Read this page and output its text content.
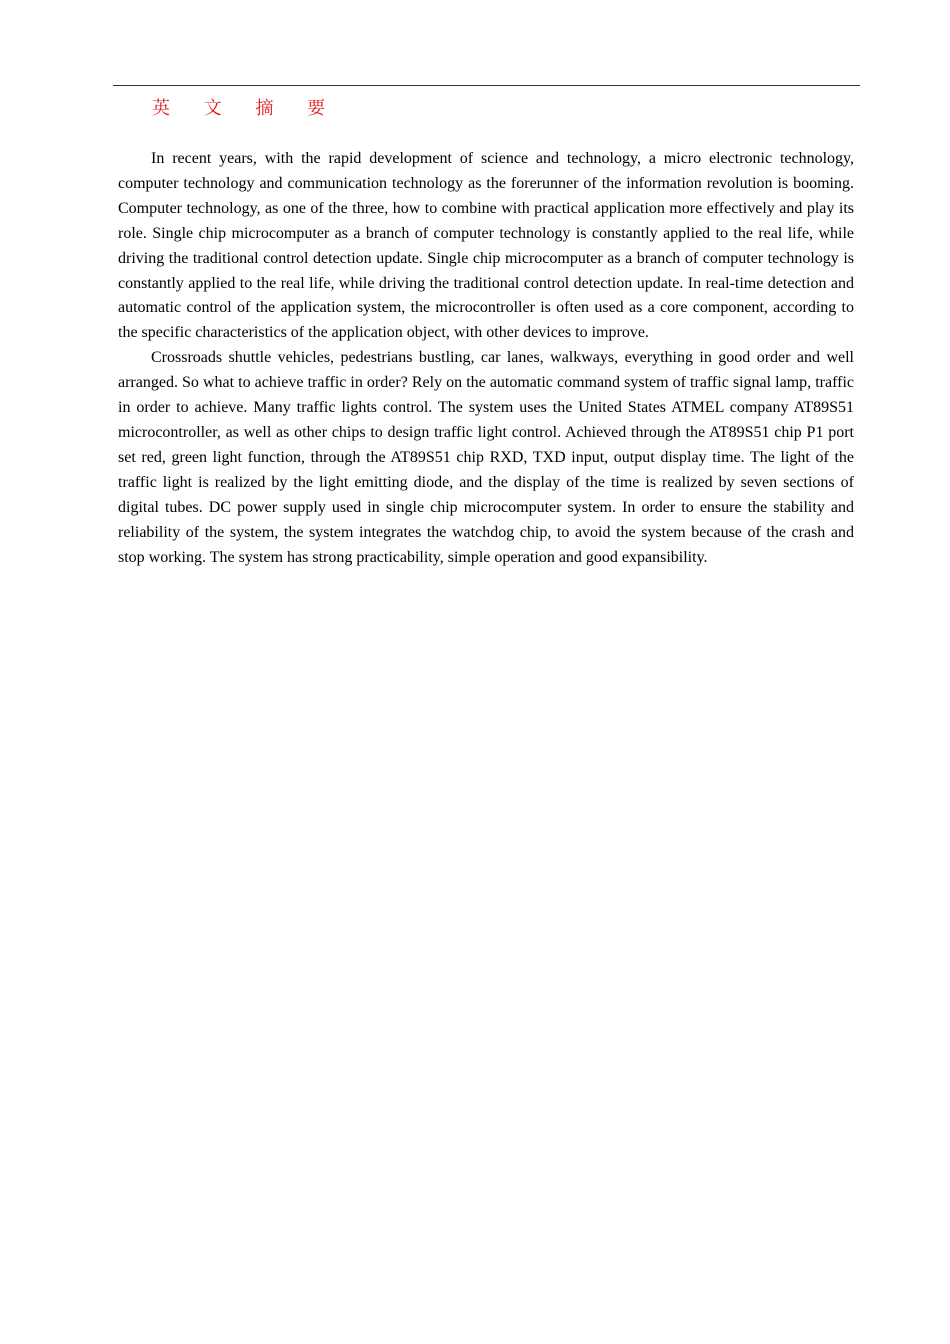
英 文 摘 要

In recent years, with the rapid development of science and technology, a micro electronic technology, computer technology and communication technology as the forerunner of the information revolution is booming. Computer technology, as one of the three, how to combine with practical application more effectively and play its role. Single chip microcomputer as a branch of computer technology is constantly applied to the real life, while driving the traditional control detection update. Single chip microcomputer as a branch of computer technology is constantly applied to the real life, while driving the traditional control detection update. In real-time detection and automatic control of the application system, the microcontroller is often used as a core component, according to the specific characteristics of the application object, with other devices to improve.

Crossroads shuttle vehicles, pedestrians bustling, car lanes, walkways, everything in good order and well arranged. So what to achieve traffic in order? Rely on the automatic command system of traffic signal lamp, traffic in order to achieve. Many traffic lights control. The system uses the United States ATMEL company AT89S51 microcontroller, as well as other chips to design traffic light control. Achieved through the AT89S51 chip P1 port set red, green light function, through the AT89S51 chip RXD, TXD input, output display time. The light of the traffic light is realized by the light emitting diode, and the display of the time is realized by seven sections of digital tubes. DC power supply used in single chip microcomputer system. In order to ensure the stability and reliability of the system, the system integrates the watchdog chip, to avoid the system because of the crash and stop working. The system has strong practicability, simple operation and good expansibility.
